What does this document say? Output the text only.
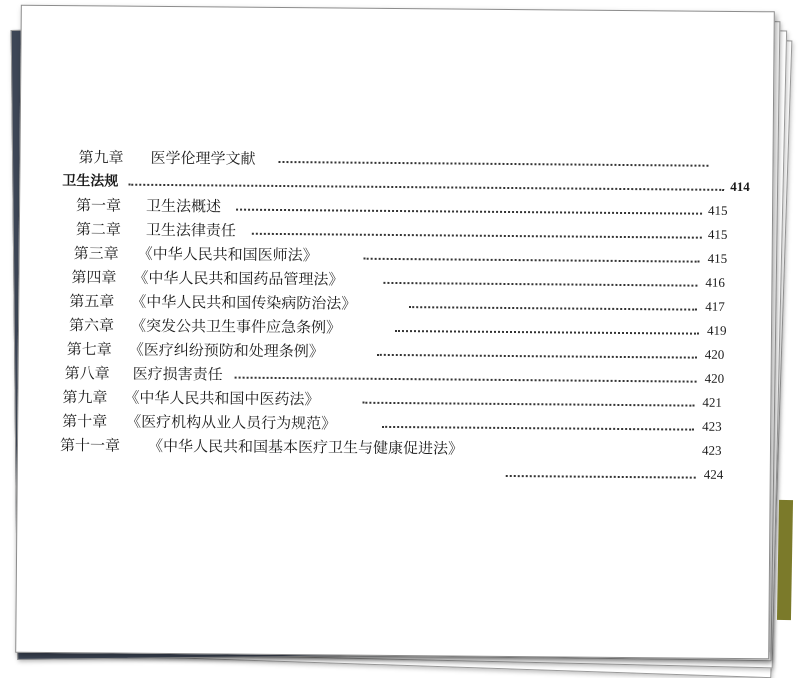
第九章 医学伦理学文献
卫生法规	414
第一章 卫生法概述	415
第二章 卫生法律责任	415
第三章 《中华人民共和国医师法》	415
第四章 《中华人民共和国药品管理法》	416
第五章 《中华人民共和国传染病防治法》	417
第六章 《突发公共卫生事件应急条例》	419
第七章 《医疗纠纷预防和处理条例》	420
第八章 医疗损害责任	420
第九章 《中华人民共和国中医药法》	421
第十章 《医疗机构从业人员行为规范》	423
第十一章 《中华人民共和国基本医疗卫生与健康促进法》	423
424
